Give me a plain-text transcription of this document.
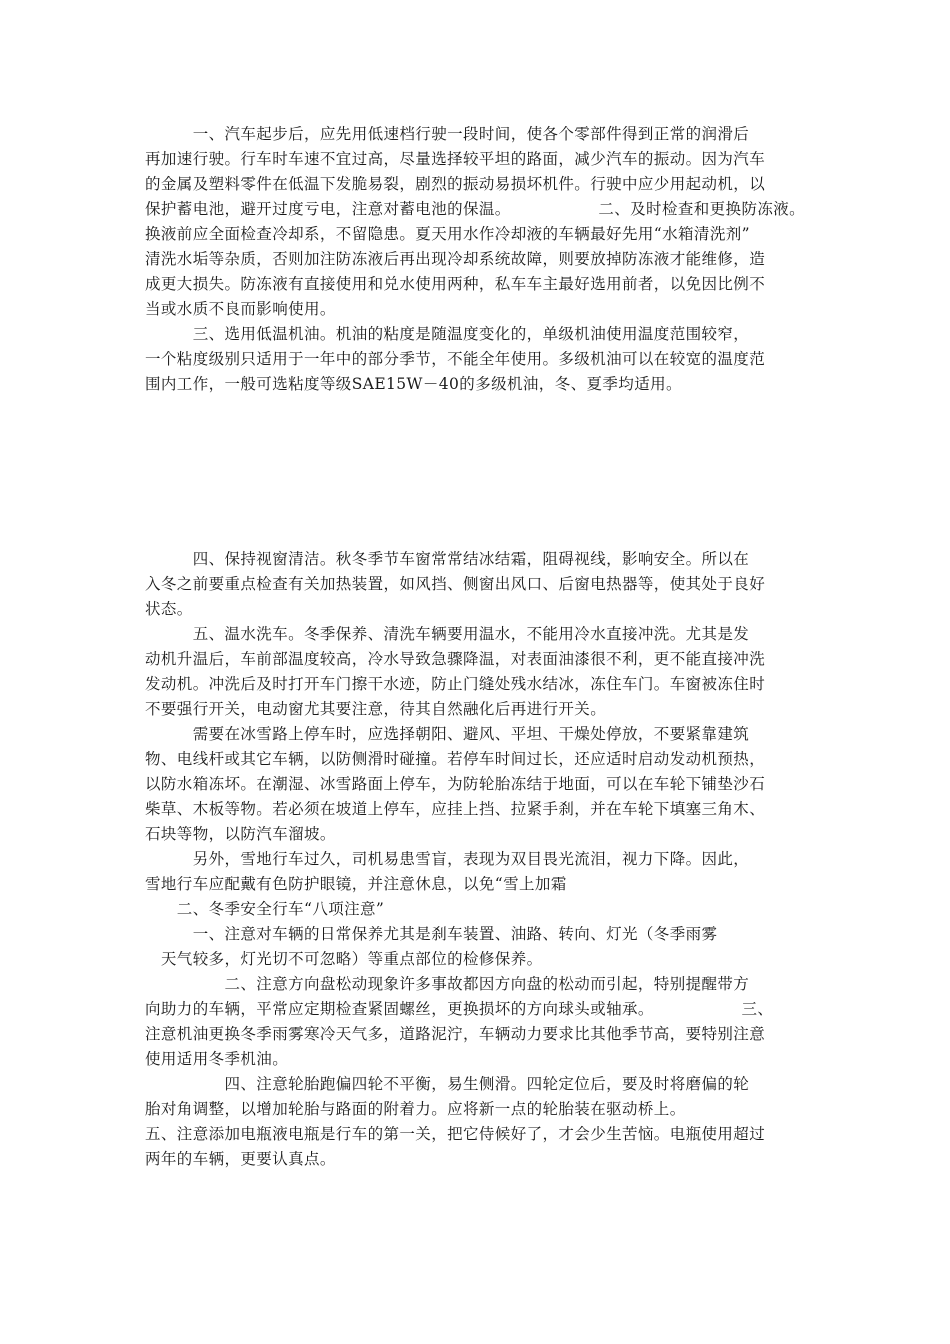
　　　一、汽车起步后，应先用低速档行驶一段时间，使各个零部件得到正常的润滑后
再加速行驶。行车时车速不宜过高，尽量选择较平坦的路面，减少汽车的振动。因为汽车
的金属及塑料零件在低温下发脆易裂，剧烈的振动易损坏机件。行驶中应少用起动机，以
保护蓄电池，避开过度亏电，注意对蓄电池的保温。　　　　　　二、及时检查和更换防冻液。
换液前应全面检查冷却系，不留隐患。夏天用水作冷却液的车辆最好先用“水箱清洗剂”
清洗水垢等杂质，否则加注防冻液后再出现冷却系统故障，则要放掉防冻液才能维修，造
成更大损失。防冻液有直接使用和兑水使用两种，私车车主最好选用前者，以免因比例不
当或水质不良而影响使用。
　　　三、选用低温机油。机油的粘度是随温度变化的，单级机油使用温度范围较窄，
一个粘度级别只适用于一年中的部分季节，不能全年使用。多级机油可以在较宽的温度范
围内工作，一般可选粘度等级SAE15W－40的多级机油，冬、夏季均适用。
　　　四、保持视窗清洁。秋冬季节车窗常常结冰结霜，阻碍视线，影响安全。所以在
入冬之前要重点检查有关加热装置，如风挡、侧窗出风口、后窗电热器等，使其处于良好
状态。
　　　五、温水洗车。冬季保养、清洗车辆要用温水，不能用冷水直接冲洗。尤其是发
动机升温后，车前部温度较高，冷水导致急骤降温，对表面油漆很不利，更不能直接冲洗
发动机。冲洗后及时打开车门擦干水迹，防止门缝处残水结冰，冻住车门。车窗被冻住时
不要强行开关，电动窗尤其要注意，待其自然融化后再进行开关。
　　　需要在冰雪路上停车时，应选择朝阳、避风、平坦、干燥处停放，不要紧靠建筑
物、电线杆或其它车辆，以防侧滑时碰撞。若停车时间过长，还应适时启动发动机预热，
以防水箱冻坏。在潮湿、冰雪路面上停车，为防轮胎冻结于地面，可以在车轮下铺垫沙石
柴草、木板等物。若必须在坡道上停车，应挂上挡、拉紧手刹，并在车轮下填塞三角木、
石块等物，以防汽车溜坡。
　　　另外，雪地行车过久，司机易患雪盲，表现为双目畏光流泪，视力下降。因此，
雪地行车应配戴有色防护眼镜，并注意休息，以免“雪上加霜
　　二、冬季安全行车“八项注意”
　　　一、注意对车辆的日常保养尤其是刹车装置、油路、转向、灯光（冬季雨雾
　天气较多，灯光切不可忽略）等重点部位的检修保养。
　　　　　二、注意方向盘松动现象许多事故都因方向盘的松动而引起，特别提醒带方
向助力的车辆，平常应定期检查紧固螺丝，更换损坏的方向球头或轴承。　　　　　　三、
注意机油更换冬季雨雾寒冷天气多，道路泥泞，车辆动力要求比其他季节高，要特别注意
使用适用冬季机油。
　　　　　四、注意轮胎跑偏四轮不平衡，易生侧滑。四轮定位后，要及时将磨偏的轮
胎对角调整，以增加轮胎与路面的附着力。应将新一点的轮胎装在驱动桥上。
五、注意添加电瓶液电瓶是行车的第一关，把它侍候好了，才会少生苦恼。电瓶使用超过
两年的车辆，更要认真点。
